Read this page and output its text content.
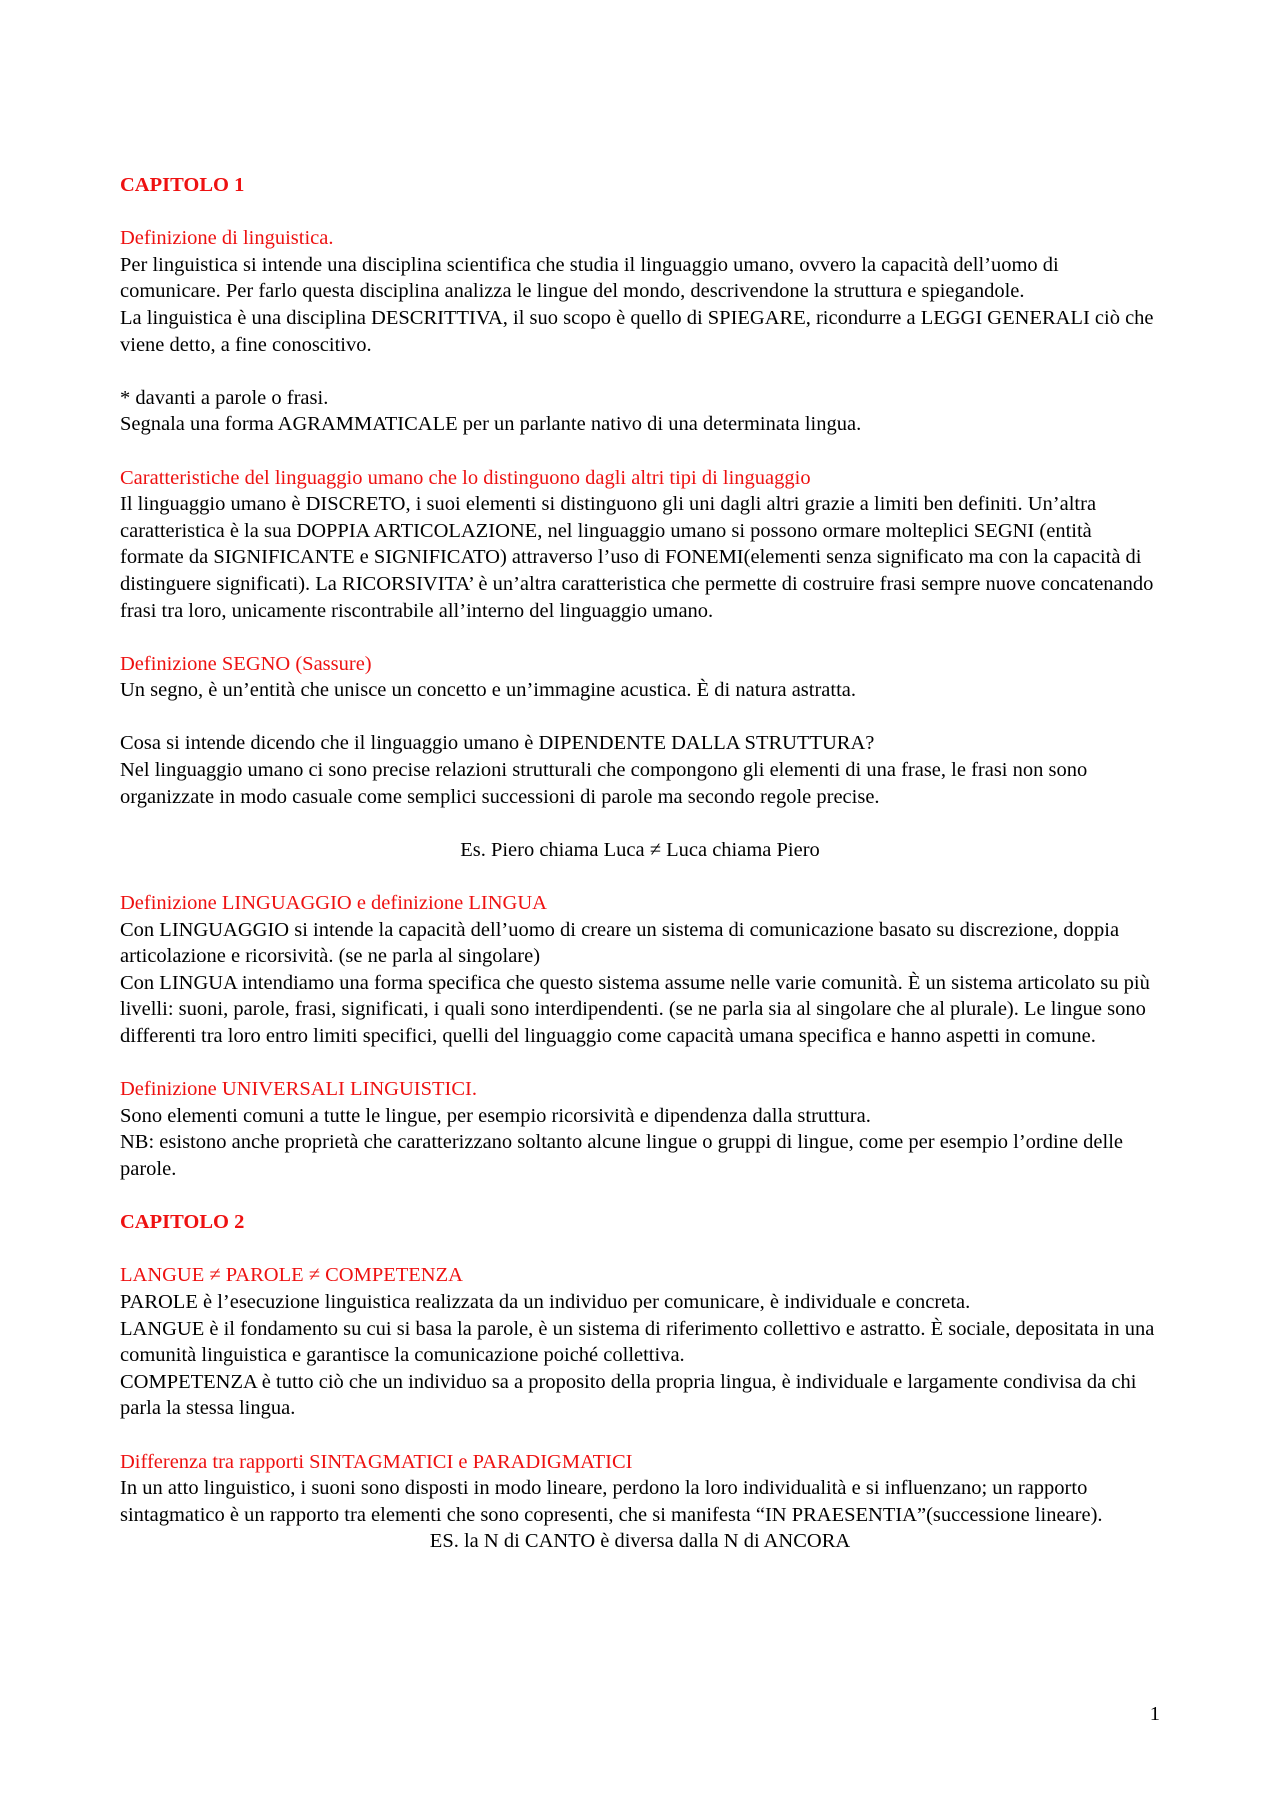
CAPITOLO 1

Definizione di linguistica.

Per linguistica si intende una disciplina scientifica che studia il linguaggio umano, ovvero la capacità dell’uomo di comunicare. Per farlo questa disciplina analizza le lingue del mondo, descrivendone la struttura e spiegandole.

La linguistica è una disciplina DESCRITTIVA, il suo scopo è quello di SPIEGARE, ricondurre a LEGGI GENERALI ciò che viene detto, a fine conoscitivo.

* davanti a parole o frasi.

Segnala una forma AGRAMMATICALE per un parlante nativo di una determinata lingua.

Caratteristiche del linguaggio umano che lo distinguono dagli altri tipi di linguaggio

Il linguaggio umano è DISCRETO, i suoi elementi si distinguono gli uni dagli altri grazie a limiti ben definiti. Un’altra caratteristica è la sua DOPPIA ARTICOLAZIONE, nel linguaggio umano si possono ormare molteplici SEGNI (entità formate da SIGNIFICANTE e SIGNIFICATO) attraverso l’uso di FONEMI(elementi senza significato ma con la capacità di distinguere significati). La RICORSIVITA’ è un’altra caratteristica che permette di costruire frasi sempre nuove concatenando frasi tra loro, unicamente riscontrabile all’interno del linguaggio umano.

Definizione SEGNO (Sassure)

Un segno, è un’entità che unisce un concetto e un’immagine acustica. È di natura astratta.

Cosa si intende dicendo che il linguaggio umano è DIPENDENTE DALLA STRUTTURA?

Nel linguaggio umano ci sono precise relazioni strutturali che compongono gli elementi di una frase, le frasi non sono organizzate in modo casuale come semplici successioni di parole ma secondo regole precise.

Es. Piero chiama Luca ≠ Luca chiama Piero

Definizione LINGUAGGIO e definizione LINGUA

Con LINGUAGGIO si intende la capacità dell’uomo di creare un sistema di comunicazione basato su discrezione, doppia articolazione e ricorsività. (se ne parla al singolare)

Con LINGUA intendiamo una forma specifica che questo sistema assume nelle varie comunità. È un sistema articolato su più livelli: suoni, parole, frasi, significati, i quali sono interdipendenti. (se ne parla sia al singolare che al plurale). Le lingue sono differenti tra loro entro limiti specifici, quelli del linguaggio come capacità umana specifica e hanno aspetti in comune.

Definizione UNIVERSALI LINGUISTICI.

Sono elementi comuni a tutte le lingue, per esempio ricorsività e dipendenza dalla struttura.

NB: esistono anche proprietà che caratterizzano soltanto alcune lingue o gruppi di lingue, come per esempio l’ordine delle parole.

CAPITOLO 2

LANGUE ≠ PAROLE ≠ COMPETENZA

PAROLE è l’esecuzione linguistica realizzata da un individuo per comunicare, è individuale e concreta.

LANGUE è il fondamento su cui si basa la parole, è un sistema di riferimento collettivo e astratto. È sociale, depositata in una comunità linguistica e garantisce la comunicazione poiché collettiva.

COMPETENZA è tutto ciò che un individuo sa a proposito della propria lingua, è individuale e largamente condivisa da chi parla la stessa lingua.

Differenza tra rapporti SINTAGMATICI e PARADIGMATICI

In un atto linguistico, i suoni sono disposti in modo lineare, perdono la loro individualità e si influenzano; un rapporto sintagmatico è un rapporto tra elementi che sono copresenti, che si manifesta “IN PRAESENTIA”(successione lineare).

ES. la N di CANTO è diversa dalla N di ANCORA

1
